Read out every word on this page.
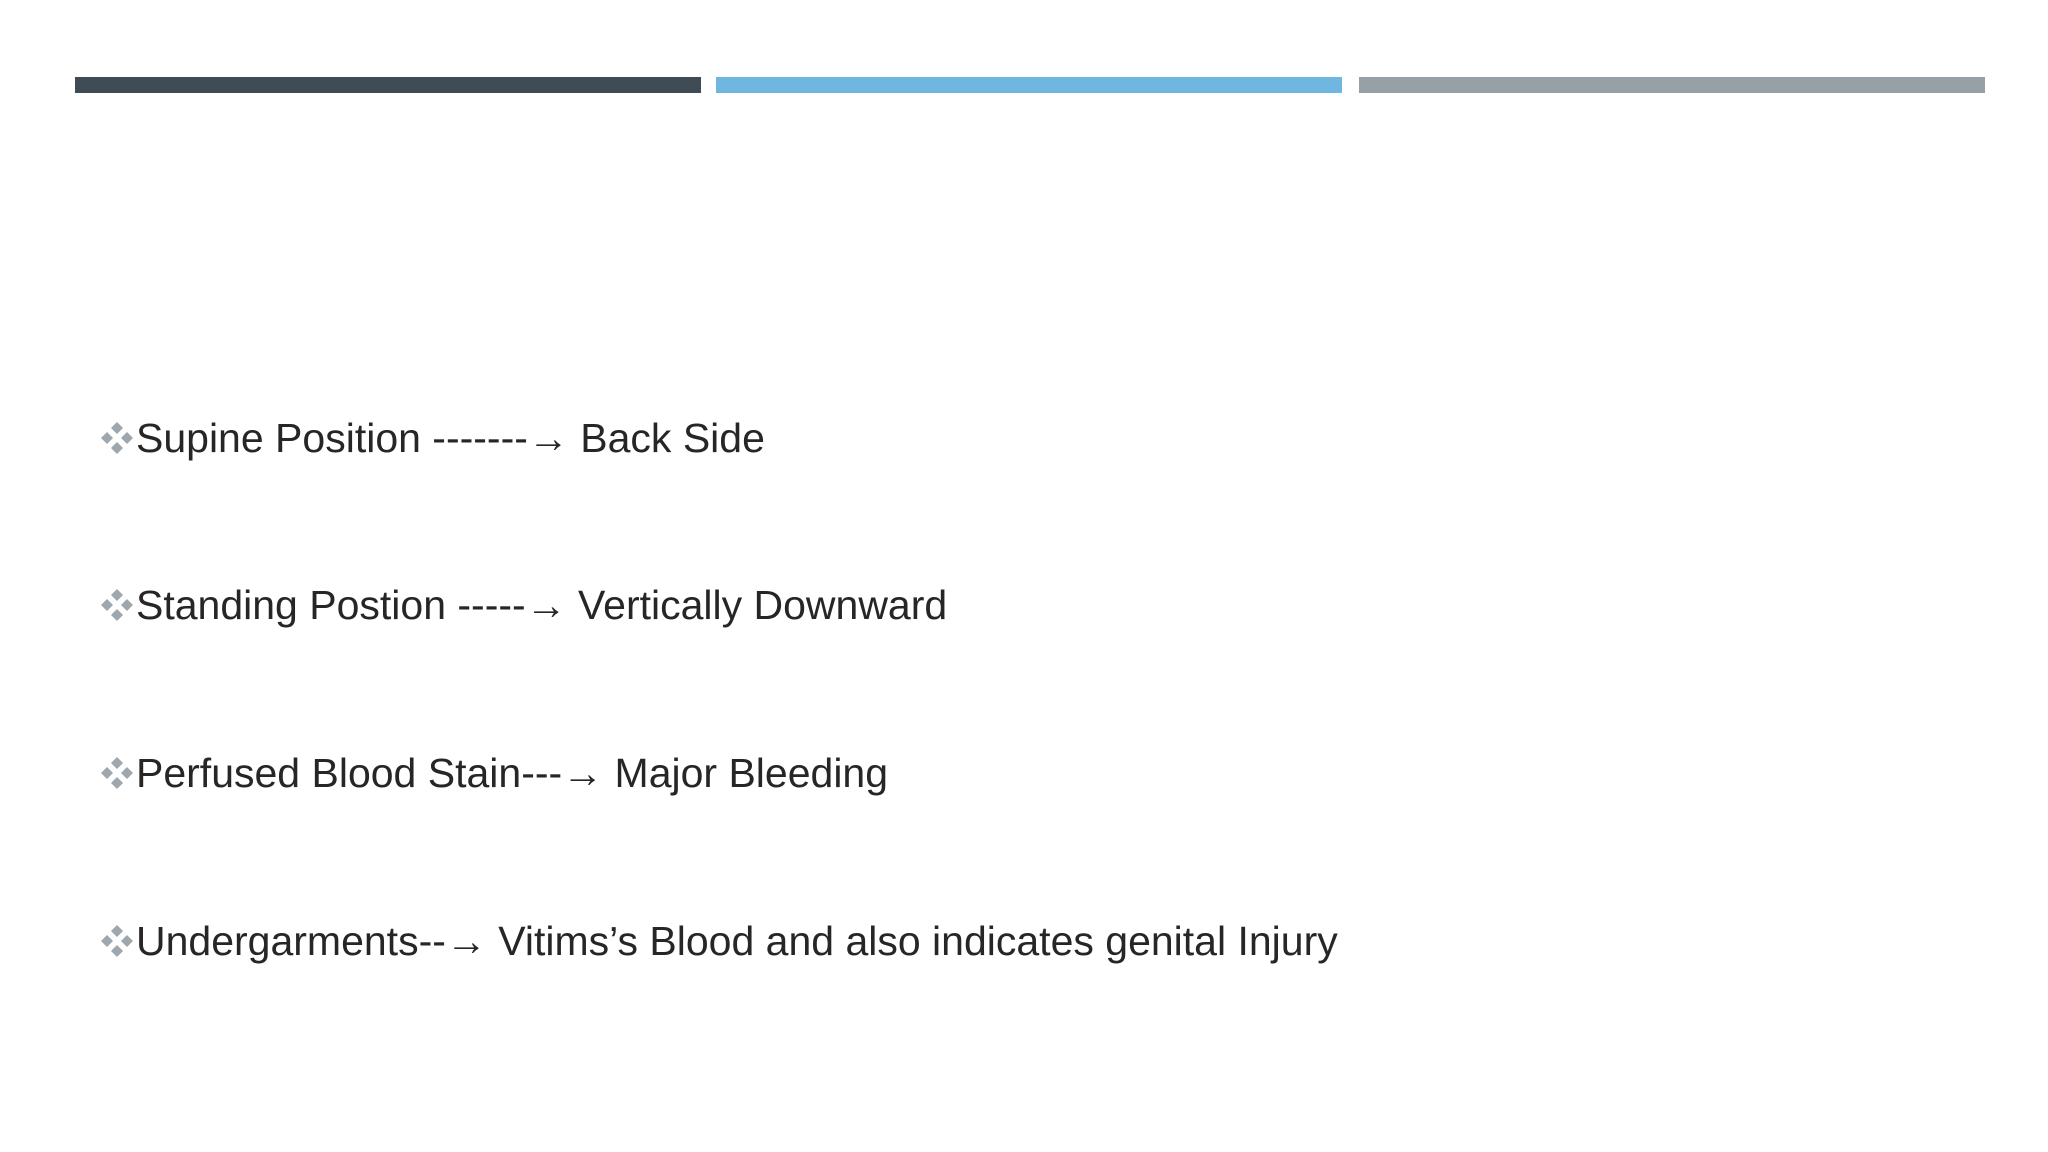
Supine Position -------→ Back Side
Standing Postion -----→ Vertically Downward
Perfused Blood Stain---→ Major Bleeding
Undergarments--→ Vitims’s Blood and also indicates genital Injury
